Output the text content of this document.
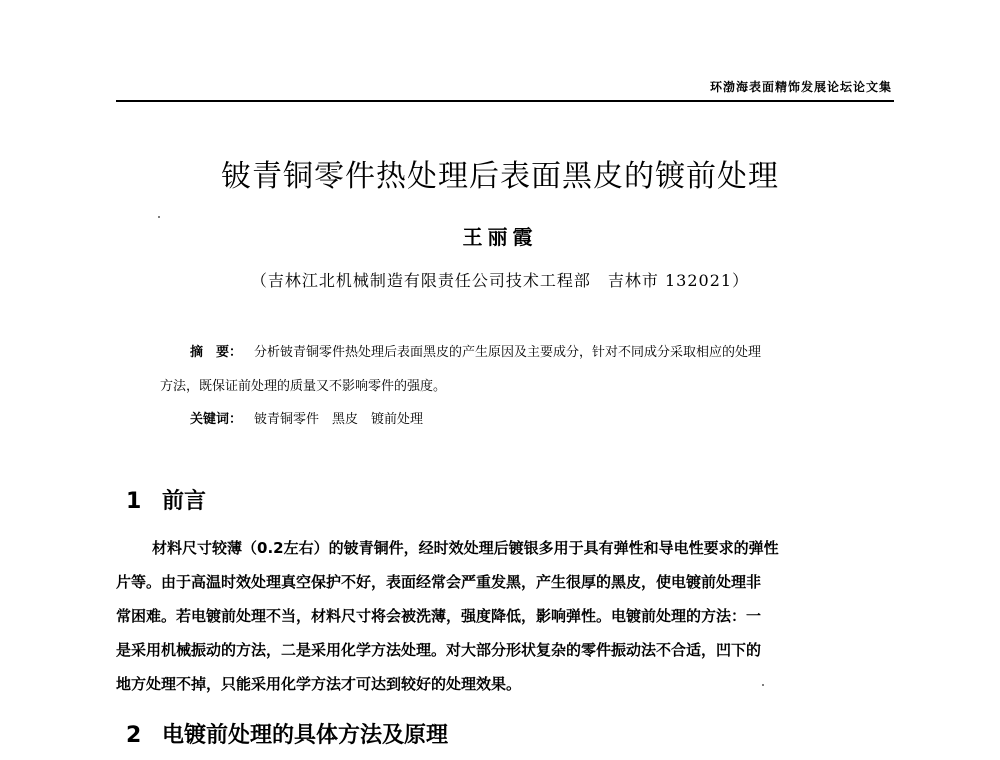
环渤海表面精饰发展论坛论文集
铍青铜零件热处理后表面黑皮的镀前处理
王丽霞
（吉林江北机械制造有限责任公司技术工程部　吉林市 132021）
摘　要： 分析铍青铜零件热处理后表面黑皮的产生原因及主要成分，针对不同成分采取相应的处理
方法，既保证前处理的质量又不影响零件的强度。
关键词： 铍青铜零件　黑皮　镀前处理
1 前言
材料尺寸较薄（0.2左右）的铍青铜件，经时效处理后镀银多用于具有弹性和导电性要求的弹性
片等。由于高温时效处理真空保护不好，表面经常会严重发黑，产生很厚的黑皮，使电镀前处理非
常困难。若电镀前处理不当，材料尺寸将会被洗薄，强度降低，影响弹性。电镀前处理的方法：一
是采用机械振动的方法，二是采用化学方法处理。对大部分形状复杂的零件振动法不合适，凹下的
地方处理不掉，只能采用化学方法才可达到较好的处理效果。
2 电镀前处理的具体方法及原理
